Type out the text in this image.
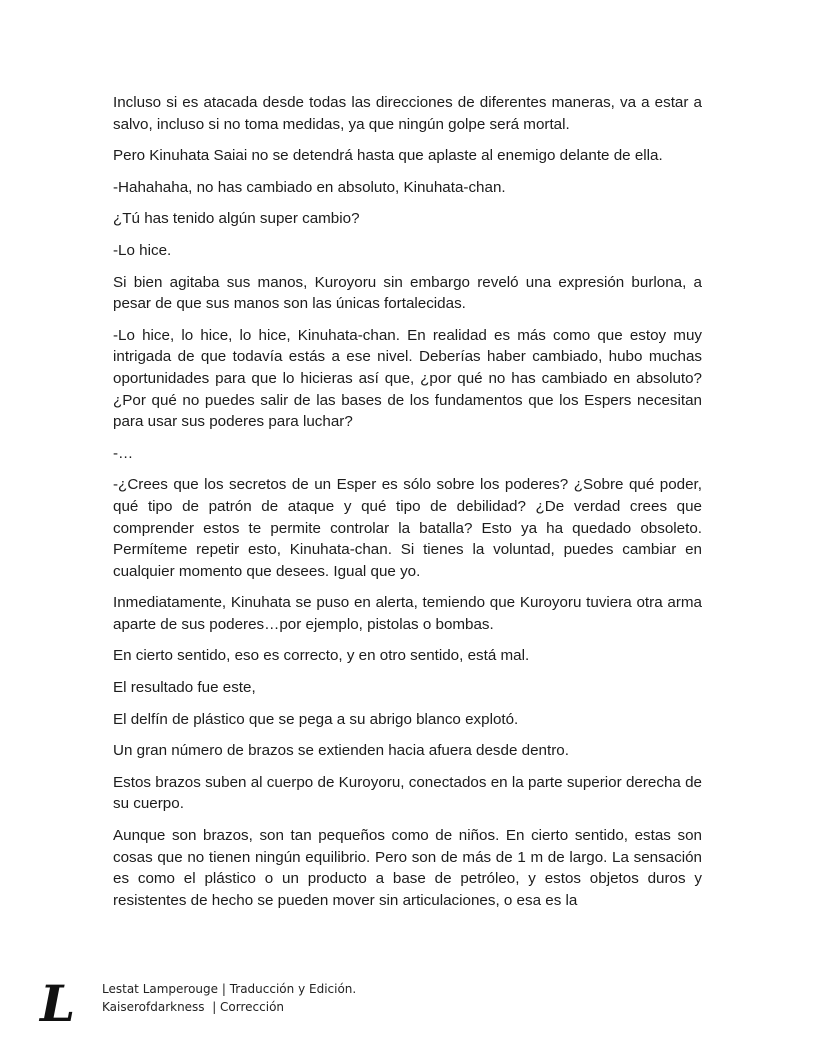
Incluso si es atacada desde todas las direcciones de diferentes maneras, va a estar a salvo, incluso si no toma medidas, ya que ningún golpe será mortal.

Pero Kinuhata Saiai no se detendrá hasta que aplaste al enemigo delante de ella.

-Hahahaha, no has cambiado en absoluto, Kinuhata-chan.

¿Tú has tenido algún super cambio?

-Lo hice.

Si bien agitaba sus manos, Kuroyoru sin embargo reveló una expresión burlona, a pesar de que sus manos son las únicas fortalecidas.

-Lo hice, lo hice, lo hice, Kinuhata-chan. En realidad es más como que estoy muy intrigada de que todavía estás a ese nivel. Deberías haber cambiado, hubo muchas oportunidades para que lo hicieras así que, ¿por qué no has cambiado en absoluto? ¿Por qué no puedes salir de las bases de los fundamentos que los Espers necesitan para usar sus poderes para luchar?

-…

-¿Crees que los secretos de un Esper es sólo sobre los poderes? ¿Sobre qué poder, qué tipo de patrón de ataque y qué tipo de debilidad? ¿De verdad crees que comprender estos te permite controlar la batalla? Esto ya ha quedado obsoleto. Permíteme repetir esto, Kinuhata-chan. Si tienes la voluntad, puedes cambiar en cualquier momento que desees. Igual que yo.

Inmediatamente, Kinuhata se puso en alerta, temiendo que Kuroyoru tuviera otra arma aparte de sus poderes…por ejemplo, pistolas o bombas.

En cierto sentido, eso es correcto, y en otro sentido, está mal.

El resultado fue este,

El delfín de plástico que se pega a su abrigo blanco explotó.

Un gran número de brazos se extienden hacia afuera desde dentro.

Estos brazos suben al cuerpo de Kuroyoru, conectados en la parte superior derecha de su cuerpo.

Aunque son brazos, son tan pequeños como de niños. En cierto sentido, estas son cosas que no tienen ningún equilibrio. Pero son de más de 1 m de largo. La sensación es como el plástico o un producto a base de petróleo, y estos objetos duros y resistentes de hecho se pueden mover sin articulaciones, o esa es la

L	Lestat Lamperouge | Traducción y Edición.
Kaiserofdarkness  | Corrección
